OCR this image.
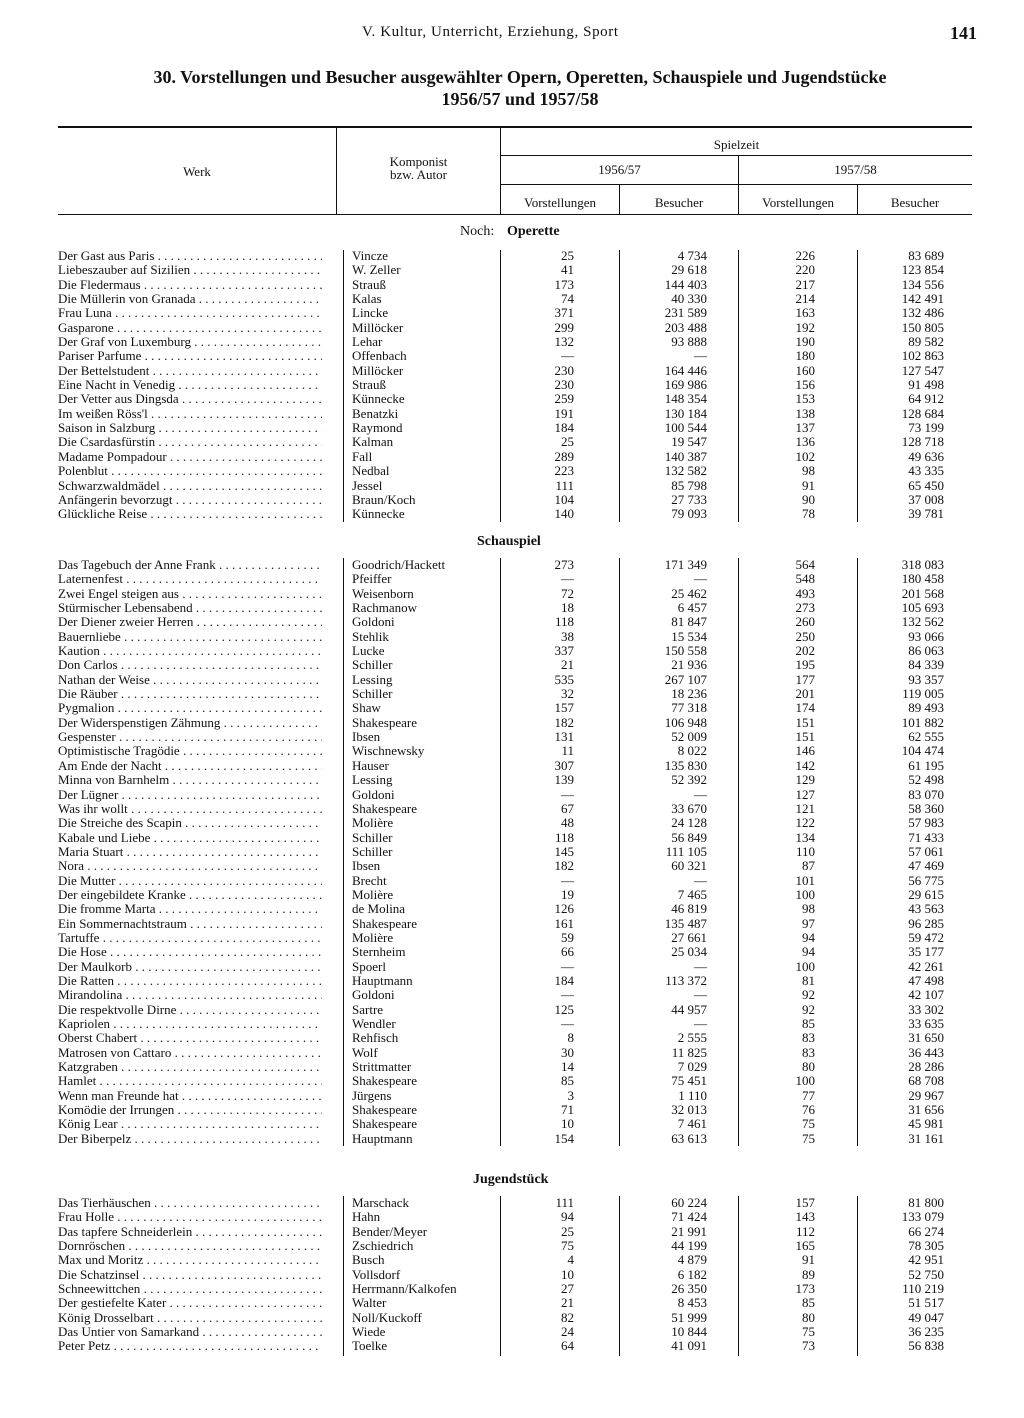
V. Kultur, Unterricht, Erziehung, Sport	141
30. Vorstellungen und Besucher ausgewählter Opern, Operetten, Schauspiele und Jugendstücke
1956/57 und 1957/58
Werk
Komponist
bzw. Autor
Spielzeit
1956/57	1957/58
Vorstellungen	Besucher	Vorstellungen	Besucher
Noch: Operette
Der Gast aus Paris . . .	Vincze	25	4 734	226	83 689
Liebeszauber auf Sizilien . . .	W. Zeller	41	29 618	220	123 854
Die Fledermaus . . .	Strauß	173	144 403	217	134 556
Die Müllerin von Granada . . .	Kalas	74	40 330	214	142 491
Frau Luna . . .	Lincke	371	231 589	163	132 486
Gasparone . . .	Millöcker	299	203 488	192	150 805
Der Graf von Luxemburg . . .	Lehar	132	93 888	190	89 582
Pariser Parfume . . .	Offenbach	—	—	180	102 863
Der Bettelstudent . . .	Millöcker	230	164 446	160	127 547
Eine Nacht in Venedig . . .	Strauß	230	169 986	156	91 498
Der Vetter aus Dingsda . . .	Künnecke	259	148 354	153	64 912
Im weißen Röss'l . . .	Benatzki	191	130 184	138	128 684
Saison in Salzburg . . .	Raymond	184	100 544	137	73 199
Die Csardasfürstin . . .	Kalman	25	19 547	136	128 718
Madame Pompadour . . .	Fall	289	140 387	102	49 636
Polenblut . . .	Nedbal	223	132 582	98	43 335
Schwarzwaldmädel . . .	Jessel	111	85 798	91	65 450
Anfängerin bevorzugt . . .	Braun/Koch	104	27 733	90	37 008
Glückliche Reise . . .	Künnecke	140	79 093	78	39 781
Schauspiel
Das Tagebuch der Anne Frank . . .	Goodrich/Hackett	273	171 349	564	318 083
Laternenfest . . .	Pfeiffer	—	—	548	180 458
Zwei Engel steigen aus . . .	Weisenborn	72	25 462	493	201 568
Stürmischer Lebensabend . . .	Rachmanow	18	6 457	273	105 693
Der Diener zweier Herren . . .	Goldoni	118	81 847	260	132 562
Bauernliebe . . .	Stehlik	38	15 534	250	93 066
Kaution . . .	Lucke	337	150 558	202	86 063
Don Carlos . . .	Schiller	21	21 936	195	84 339
Nathan der Weise . . .	Lessing	535	267 107	177	93 357
Die Räuber . . .	Schiller	32	18 236	201	119 005
Pygmalion . . .	Shaw	157	77 318	174	89 493
Der Widerspenstigen Zähmung . . .	Shakespeare	182	106 948	151	101 882
Gespenster . . .	Ibsen	131	52 009	151	62 555
Optimistische Tragödie . . .	Wischnewsky	11	8 022	146	104 474
Am Ende der Nacht . . .	Hauser	307	135 830	142	61 195
Minna von Barnhelm . . .	Lessing	139	52 392	129	52 498
Der Lügner . . .	Goldoni	—	—	127	83 070
Was ihr wollt . . .	Shakespeare	67	33 670	121	58 360
Die Streiche des Scapin . . .	Molière	48	24 128	122	57 983
Kabale und Liebe . . .	Schiller	118	56 849	134	71 433
Maria Stuart . . .	Schiller	145	111 105	110	57 061
Nora . . .	Ibsen	182	60 321	87	47 469
Die Mutter . . .	Brecht	—	—	101	56 775
Der eingebildete Kranke . . .	Molière	19	7 465	100	29 615
Die fromme Marta . . .	de Molina	126	46 819	98	43 563
Ein Sommernachtstraum . . .	Shakespeare	161	135 487	97	96 285
Tartuffe . . .	Molière	59	27 661	94	59 472
Die Hose . . .	Sternheim	66	25 034	94	35 177
Der Maulkorb . . .	Spoerl	—	—	100	42 261
Die Ratten . . .	Hauptmann	184	113 372	81	47 498
Mirandolina . . .	Goldoni	—	—	92	42 107
Die respektvolle Dirne . . .	Sartre	125	44 957	92	33 302
Kapriolen . . .	Wendler	—	—	85	33 635
Oberst Chabert . . .	Rehfisch	8	2 555	83	31 650
Matrosen von Cattaro . . .	Wolf	30	11 825	83	36 443
Katzgraben . . .	Strittmatter	14	7 029	80	28 286
Hamlet . . .	Shakespeare	85	75 451	100	68 708
Wenn man Freunde hat . . .	Jürgens	3	1 110	77	29 967
Komödie der Irrungen . . .	Shakespeare	71	32 013	76	31 656
König Lear . . .	Shakespeare	10	7 461	75	45 981
Der Biberpelz . . .	Hauptmann	154	63 613	75	31 161
Jugendstück
Das Tierhäuschen . . .	Marschack	111	60 224	157	81 800
Frau Holle . . .	Hahn	94	71 424	143	133 079
Das tapfere Schneiderlein . . .	Bender/Meyer	25	21 991	112	66 274
Dornröschen . . .	Zschiedrich	75	44 199	165	78 305
Max und Moritz . . .	Busch	4	4 879	91	42 951
Die Schatzinsel . . .	Vollsdorf	10	6 182	89	52 750
Schneewittchen . . .	Herrmann/Kalkofen	27	26 350	173	110 219
Der gestiefelte Kater . . .	Walter	21	8 453	85	51 517
König Drosselbart . . .	Noll/Kuckoff	82	51 999	80	49 047
Das Untier von Samarkand . . .	Wiede	24	10 844	75	36 235
Peter Petz . . .	Toelke	64	41 091	73	56 838
